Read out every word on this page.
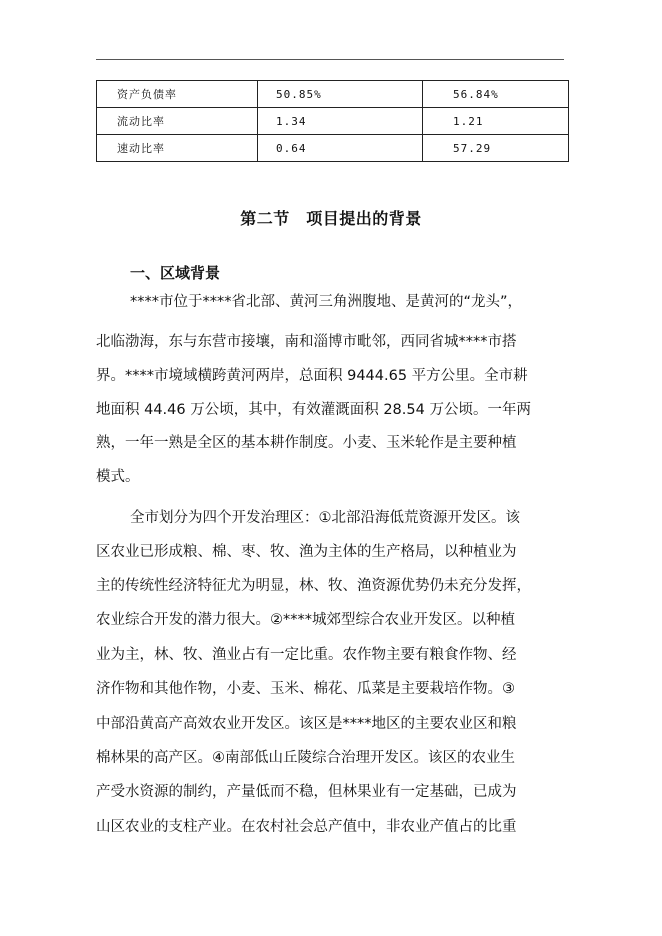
资产负债率	50.85%	56.84%
流动比率	1.34	1.21
速动比率	0.64	57.29
第二节　项目提出的背景
一、区域背景
****市位于****省北部、黄河三角洲腹地、是黄河的“龙头”，
北临渤海，东与东营市接壤，南和淄博市毗邻，西同省城****市搭
界。****市境域横跨黄河两岸，总面积 9444.65 平方公里。全市耕
地面积 44.46 万公顷，其中，有效灌溉面积 28.54 万公顷。一年两
熟，一年一熟是全区的基本耕作制度。小麦、玉米轮作是主要种植
模式。
全市划分为四个开发治理区：①北部沿海低荒资源开发区。该
区农业已形成粮、棉、枣、牧、渔为主体的生产格局，以种植业为
主的传统性经济特征尤为明显，林、牧、渔资源优势仍未充分发挥，
农业综合开发的潜力很大。②****城郊型综合农业开发区。以种植
业为主，林、牧、渔业占有一定比重。农作物主要有粮食作物、经
济作物和其他作物，小麦、玉米、棉花、瓜菜是主要栽培作物。③
中部沿黄高产高效农业开发区。该区是****地区的主要农业区和粮
棉林果的高产区。④南部低山丘陵综合治理开发区。该区的农业生
产受水资源的制约，产量低而不稳，但林果业有一定基础，已成为
山区农业的支柱产业。在农村社会总产值中，非农业产值占的比重
